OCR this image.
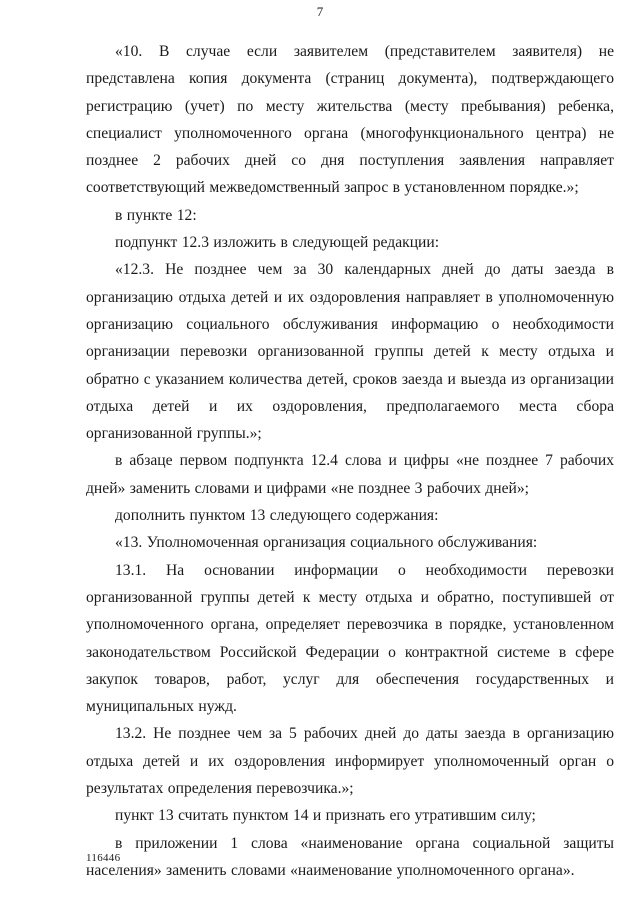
7

«10. В случае если заявителем (представителем заявителя) не представлена копия документа (страниц документа), подтверждающего регистрацию (учет) по месту жительства (месту пребывания) ребенка, специалист уполномоченного органа (многофункционального центра) не позднее 2 рабочих дней со дня поступления заявления направляет соответствующий межведомственный запрос в установленном порядке.»;

в пункте 12:

подпункт 12.3 изложить в следующей редакции:

«12.3. Не позднее чем за 30 календарных дней до даты заезда в организацию отдыха детей и их оздоровления направляет в уполномоченную организацию социального обслуживания информацию о необходимости организации перевозки организованной группы детей к месту отдыха и обратно с указанием количества детей, сроков заезда и выезда из организации отдыха детей и их оздоровления, предполагаемого места сбора организованной группы.»;

в абзаце первом подпункта 12.4 слова и цифры «не позднее 7 рабочих дней» заменить словами и цифрами «не позднее 3 рабочих дней»;

дополнить пунктом 13 следующего содержания:

«13. Уполномоченная организация социального обслуживания:

13.1. На основании информации о необходимости перевозки организованной группы детей к месту отдыха и обратно, поступившей от уполномоченного органа, определяет перевозчика в порядке, установленном законодательством Российской Федерации о контрактной системе в сфере закупок товаров, работ, услуг для обеспечения государственных и муниципальных нужд.

13.2. Не позднее чем за 5 рабочих дней до даты заезда в организацию отдыха детей и их оздоровления информирует уполномоченный орган о результатах определения перевозчика.»;

пункт 13 считать пунктом 14 и признать его утратившим силу;

в приложении 1 слова «наименование органа социальной защиты населения» заменить словами «наименование уполномоченного органа».

116446
